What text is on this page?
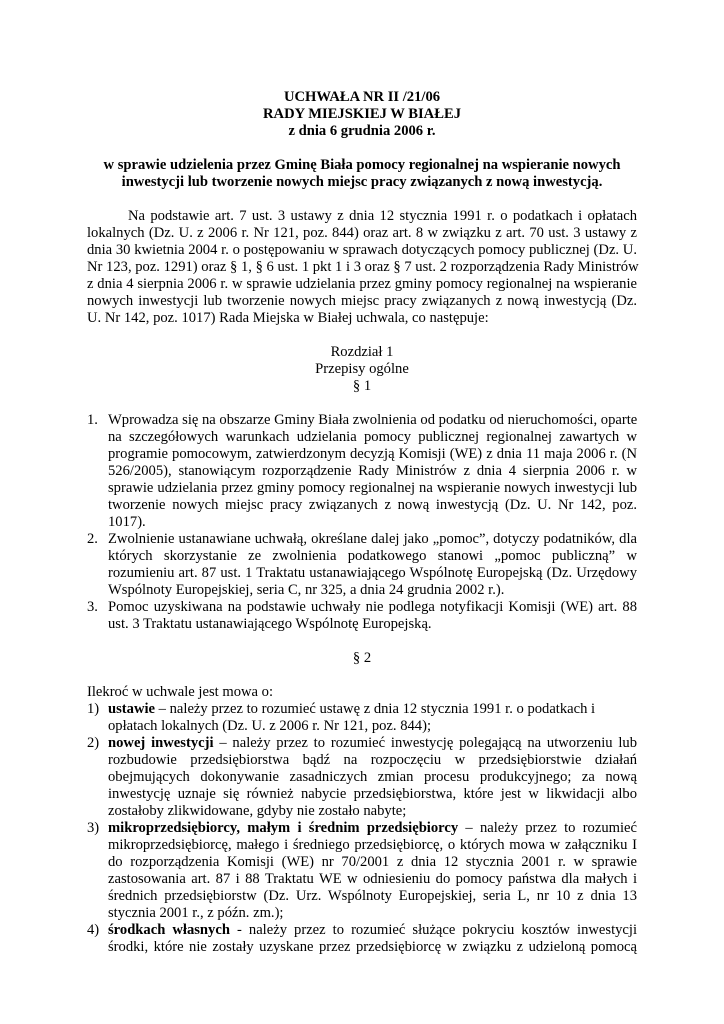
UCHWAŁA NR II /21/06
RADY MIEJSKIEJ W BIAŁEJ
z dnia 6 grudnia 2006 r.
w sprawie udzielenia przez Gminę Biała pomocy regionalnej na wspieranie nowych
inwestycji lub tworzenie nowych miejsc pracy związanych z nową inwestycją.
Na podstawie art. 7 ust. 3 ustawy z dnia 12 stycznia 1991 r. o podatkach i opłatach
lokalnych (Dz. U. z 2006 r. Nr 121, poz. 844) oraz art. 8 w związku z art. 70 ust. 3 ustawy z
dnia 30 kwietnia 2004 r. o postępowaniu w sprawach dotyczących pomocy publicznej (Dz. U.
Nr 123, poz. 1291) oraz § 1, § 6 ust. 1 pkt 1 i 3 oraz § 7 ust. 2 rozporządzenia Rady Ministrów
z dnia 4 sierpnia 2006 r. w sprawie udzielania przez gminy pomocy regionalnej na wspieranie
nowych inwestycji lub tworzenie nowych miejsc pracy związanych z nową inwestycją (Dz.
U. Nr 142, poz. 1017) Rada Miejska w Białej uchwala, co następuje:
Rozdział 1
Przepisy ogólne
§ 1
1. Wprowadza się na obszarze Gminy Biała zwolnienia od podatku od nieruchomości, oparte
na szczegółowych warunkach udzielania pomocy publicznej regionalnej zawartych w
programie pomocowym, zatwierdzonym decyzją Komisji (WE) z dnia 11 maja 2006 r. (N
526/2005), stanowiącym rozporządzenie Rady Ministrów z dnia 4 sierpnia 2006 r. w
sprawie udzielania przez gminy pomocy regionalnej na wspieranie nowych inwestycji lub
tworzenie nowych miejsc pracy związanych z nową inwestycją (Dz. U. Nr 142, poz.
1017).
2. Zwolnienie ustanawiane uchwałą, określane dalej jako „pomoc”, dotyczy podatników, dla
których skorzystanie ze zwolnienia podatkowego stanowi „pomoc publiczną” w
rozumieniu art. 87 ust. 1 Traktatu ustanawiającego Wspólnotę Europejską (Dz. Urzędowy
Wspólnoty Europejskiej, seria C, nr 325, a dnia 24 grudnia 2002 r.).
3. Pomoc uzyskiwana na podstawie uchwały nie podlega notyfikacji Komisji (WE) art. 88
ust. 3 Traktatu ustanawiającego Wspólnotę Europejską.
§ 2
Ilekroć w uchwale jest mowa o:
1) ustawie – należy przez to rozumieć ustawę z dnia 12 stycznia 1991 r. o podatkach i
opłatach lokalnych (Dz. U. z 2006 r. Nr 121, poz. 844);
2) nowej inwestycji – należy przez to rozumieć inwestycję polegającą na utworzeniu lub
rozbudowie przedsiębiorstwa bądź na rozpoczęciu w przedsiębiorstwie działań
obejmujących dokonywanie zasadniczych zmian procesu produkcyjnego; za nową
inwestycję uznaje się również nabycie przedsiębiorstwa, które jest w likwidacji albo
zostałoby zlikwidowane, gdyby nie zostało nabyte;
3) mikroprzedsiębiorcy, małym i średnim przedsiębiorcy – należy przez to rozumieć
mikroprzedsiębiorcę, małego i średniego przedsiębiorcę, o których mowa w załączniku I
do rozporządzenia Komisji (WE) nr 70/2001 z dnia 12 stycznia 2001 r. w sprawie
zastosowania art. 87 i 88 Traktatu WE w odniesieniu do pomocy państwa dla małych i
średnich przedsiębiorstw (Dz. Urz. Wspólnoty Europejskiej, seria L, nr 10 z dnia 13
stycznia 2001 r., z późn. zm.);
4) środkach własnych - należy przez to rozumieć służące pokryciu kosztów inwestycji
środki, które nie zostały uzyskane przez przedsiębiorcę w związku z udzieloną pomocą
